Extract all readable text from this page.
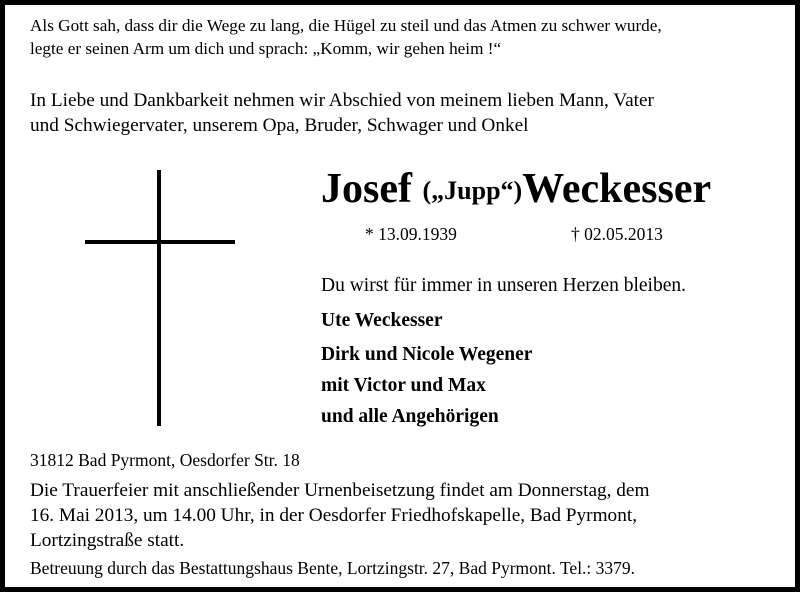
Als Gott sah, dass dir die Wege zu lang, die Hügel zu steil und das Atmen zu schwer wurde,
legte er seinen Arm um dich und sprach: „Komm, wir gehen heim !“
In Liebe und Dankbarkeit nehmen wir Abschied von meinem lieben Mann, Vater
und Schwiegervater, unserem Opa, Bruder, Schwager und Onkel
Josef („Jupp“)Weckesser
* 13.09.1939	† 02.05.2013
Du wirst für immer in unseren Herzen bleiben.
Ute Weckesser
Dirk und Nicole Wegener
mit Victor und Max
und alle Angehörigen
31812 Bad Pyrmont, Oesdorfer Str. 18
Die Trauerfeier mit anschließender Urnenbeisetzung findet am Donnerstag, dem
16. Mai 2013, um 14.00 Uhr, in der Oesdorfer Friedhofskapelle, Bad Pyrmont,
Lortzingstraße statt.
Betreuung durch das Bestattungshaus Bente, Lortzingstr. 27, Bad Pyrmont. Tel.: 3379.
